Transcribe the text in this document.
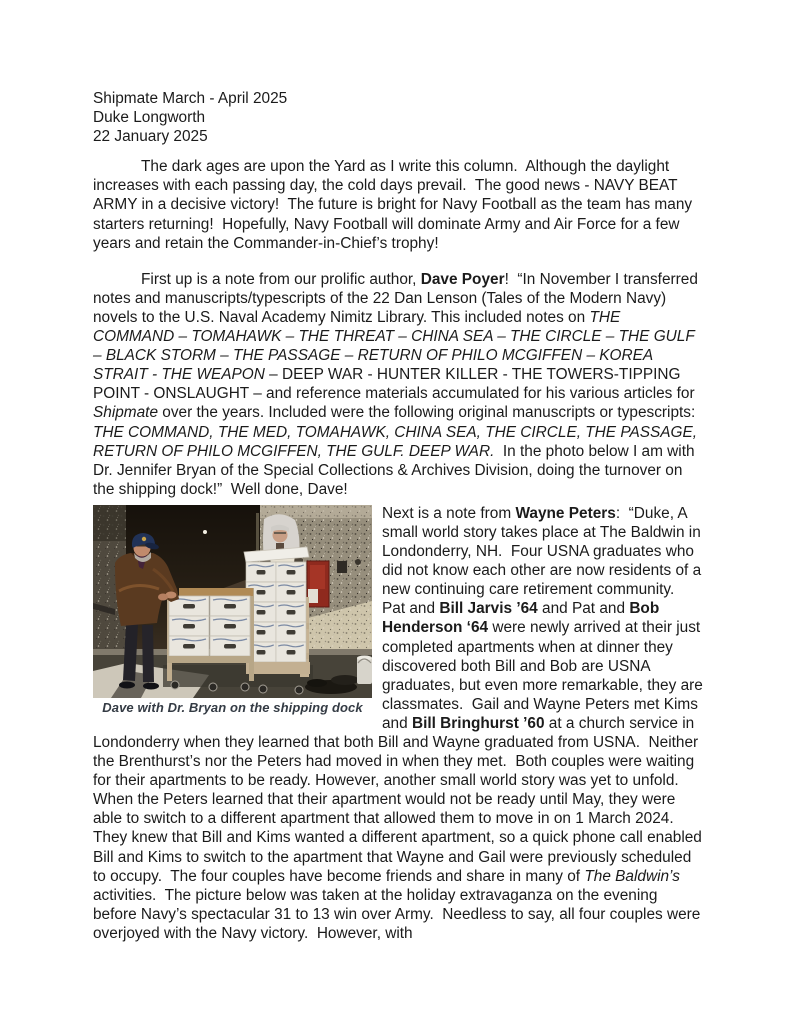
Shipmate March - April 2025
Duke Longworth
22 January 2025

The dark ages are upon the Yard as I write this column.  Although the daylight increases with each passing day, the cold days prevail.  The good news - NAVY BEAT ARMY in a decisive victory!  The future is bright for Navy Football as the team has many starters returning!  Hopefully, Navy Football will dominate Army and Air Force for a few years and retain the Commander-in-Chief’s trophy!

First up is a note from our prolific author, Dave Poyer!  “In November I transferred notes and manuscripts/typescripts of the 22 Dan Lenson (Tales of the Modern Navy) novels to the U.S. Naval Academy Nimitz Library. This included notes on THE COMMAND – TOMAHAWK – THE THREAT – CHINA SEA – THE CIRCLE – THE GULF – BLACK STORM – THE PASSAGE – RETURN OF PHILO MCGIFFEN – KOREA STRAIT - THE WEAPON – DEEP WAR - HUNTER KILLER - THE TOWERS-TIPPING POINT - ONSLAUGHT – and reference materials accumulated for his various articles for Shipmate over the years. Included were the following original manuscripts or typescripts: THE COMMAND, THE MED, TOMAHAWK, CHINA SEA, THE CIRCLE, THE PASSAGE, RETURN OF PHILO MCGIFFEN, THE GULF. DEEP WAR.  In the photo below I am with Dr. Jennifer Bryan of the Special Collections & Archives Division, doing the turnover on the shipping dock!”  Well done, Dave!

Dave with Dr. Bryan on the shipping dock
Next is a note from Wayne Peters:  “Duke, A small world story takes place at The Baldwin in Londonderry, NH.  Four USNA graduates who did not know each other are now residents of a new continuing care retirement community.  Pat and Bill Jarvis ’64 and Pat and Bob Henderson ‘64 were newly arrived at their just completed apartments when at dinner they discovered both Bill and Bob are USNA graduates, but even more remarkable, they are classmates.  Gail and Wayne Peters met Kims and Bill Bringhurst ’60 at a church service in Londonderry when they learned that both Bill and Wayne graduated from USNA.  Neither the Brenthurst’s nor the Peters had moved in when they met.  Both couples were waiting for their apartments to be ready. However, another small world story was yet to unfold.  When the Peters learned that their apartment would not be ready until May, they were able to switch to a different apartment that allowed them to move in on 1 March 2024.  They knew that Bill and Kims wanted a different apartment, so a quick phone call enabled Bill and Kims to switch to the apartment that Wayne and Gail were previously scheduled to occupy.  The four couples have become friends and share in many of The Baldwin’s activities.  The picture below was taken at the holiday extravaganza on the evening before Navy’s spectacular 31 to 13 win over Army.  Needless to say, all four couples were overjoyed with the Navy victory.  However, with
